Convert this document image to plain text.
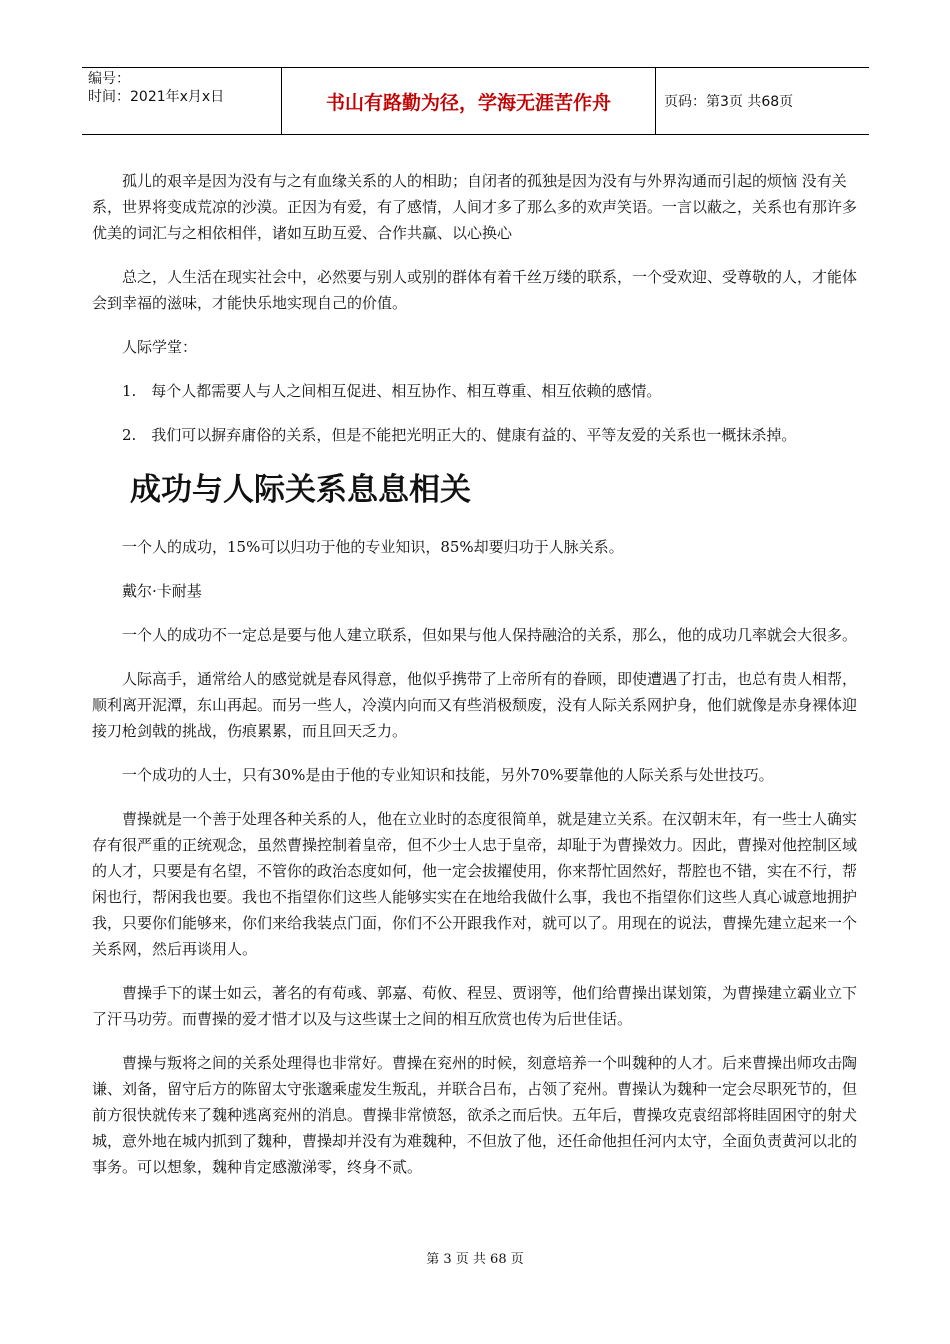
编号：
时间：2021年x月x日	书山有路勤为径，学海无涯苦作舟	页码：第3页 共68页

孤儿的艰辛是因为没有与之有血缘关系的人的相助；自闭者的孤独是因为没有与外界沟通而引起的烦恼 没有关系，世界将变成荒凉的沙漠。正因为有爱，有了感情，人间才多了那么多的欢声笑语。一言以蔽之，关系也有那许多优美的词汇与之相依相伴，诸如互助互爱、合作共赢、以心换心

总之，人生活在现实社会中，必然要与别人或别的群体有着千丝万缕的联系，一个受欢迎、受尊敬的人，才能体会到幸福的滋味，才能快乐地实现自己的价值。

人际学堂：

1.　每个人都需要人与人之间相互促进、相互协作、相互尊重、相互依赖的感情。

2.　我们可以摒弃庸俗的关系，但是不能把光明正大的、健康有益的、平等友爱的关系也一概抹杀掉。

成功与人际关系息息相关

一个人的成功，15%可以归功于他的专业知识，85%却要归功于人脉关系。

戴尔·卡耐基

一个人的成功不一定总是要与他人建立联系，但如果与他人保持融洽的关系，那么，他的成功几率就会大很多。

人际高手，通常给人的感觉就是春风得意，他似乎携带了上帝所有的眷顾，即使遭遇了打击，也总有贵人相帮，顺利离开泥潭，东山再起。而另一些人，冷漠内向而又有些消极颓废，没有人际关系网护身，他们就像是赤身裸体迎接刀枪剑戟的挑战，伤痕累累，而且回天乏力。

一个成功的人士，只有30%是由于他的专业知识和技能，另外70%要靠他的人际关系与处世技巧。

曹操就是一个善于处理各种关系的人，他在立业时的态度很简单，就是建立关系。在汉朝末年，有一些士人确实存有很严重的正统观念，虽然曹操控制着皇帝，但不少士人忠于皇帝，却耻于为曹操效力。因此，曹操对他控制区域的人才，只要是有名望，不管你的政治态度如何，他一定会拔擢使用，你来帮忙固然好，帮腔也不错，实在不行，帮闲也行，帮闲我也要。我也不指望你们这些人能够实实在在地给我做什么事，我也不指望你们这些人真心诚意地拥护我，只要你们能够来，你们来给我装点门面，你们不公开跟我作对，就可以了。用现在的说法，曹操先建立起来一个关系网，然后再谈用人。

曹操手下的谋士如云，著名的有荀彧、郭嘉、荀攸、程昱、贾诩等，他们给曹操出谋划策，为曹操建立霸业立下了汗马功劳。而曹操的爱才惜才以及与这些谋士之间的相互欣赏也传为后世佳话。

曹操与叛将之间的关系处理得也非常好。曹操在兖州的时候，刻意培养一个叫魏种的人才。后来曹操出师攻击陶谦、刘备，留守后方的陈留太守张邈乘虚发生叛乱，并联合吕布，占领了兖州。曹操认为魏种一定会尽职死节的，但前方很快就传来了魏种逃离兖州的消息。曹操非常愤怒，欲杀之而后快。五年后，曹操攻克袁绍部将眭固困守的射犬城，意外地在城内抓到了魏种，曹操却并没有为难魏种，不但放了他，还任命他担任河内太守，全面负责黄河以北的事务。可以想象，魏种肯定感激涕零，终身不贰。

第 3 页 共 68 页
